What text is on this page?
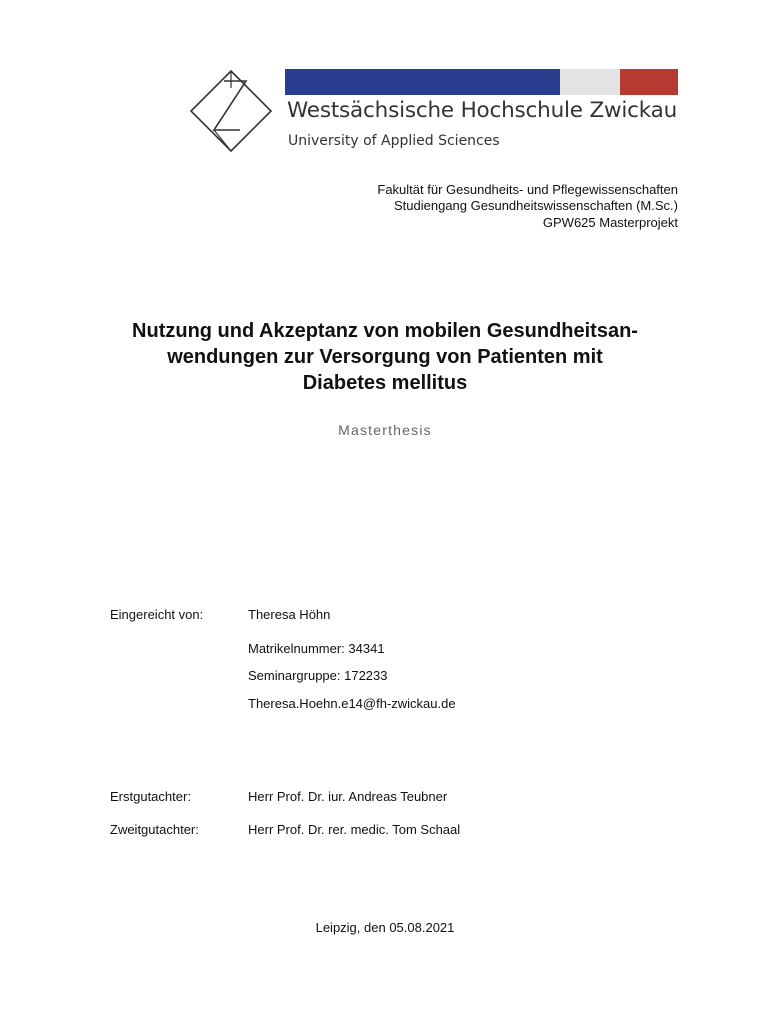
Westsächsische Hochschule Zwickau
University of Applied Sciences
Fakultät für Gesundheits- und Pflegewissenschaften
Studiengang Gesundheitswissenschaften (M.Sc.)
GPW625 Masterprojekt
Nutzung und Akzeptanz von mobilen Gesundheitsan-
wendungen zur Versorgung von Patienten mit
Diabetes mellitus
Masterthesis
Eingereicht von:	Theresa Höhn
Matrikelnummer: 34341
Seminargruppe: 172233
Theresa.Hoehn.e14@fh-zwickau.de
Erstgutachter:	Herr Prof. Dr. iur. Andreas Teubner
Zweitgutachter:	Herr Prof. Dr. rer. medic. Tom Schaal
Leipzig, den 05.08.2021
